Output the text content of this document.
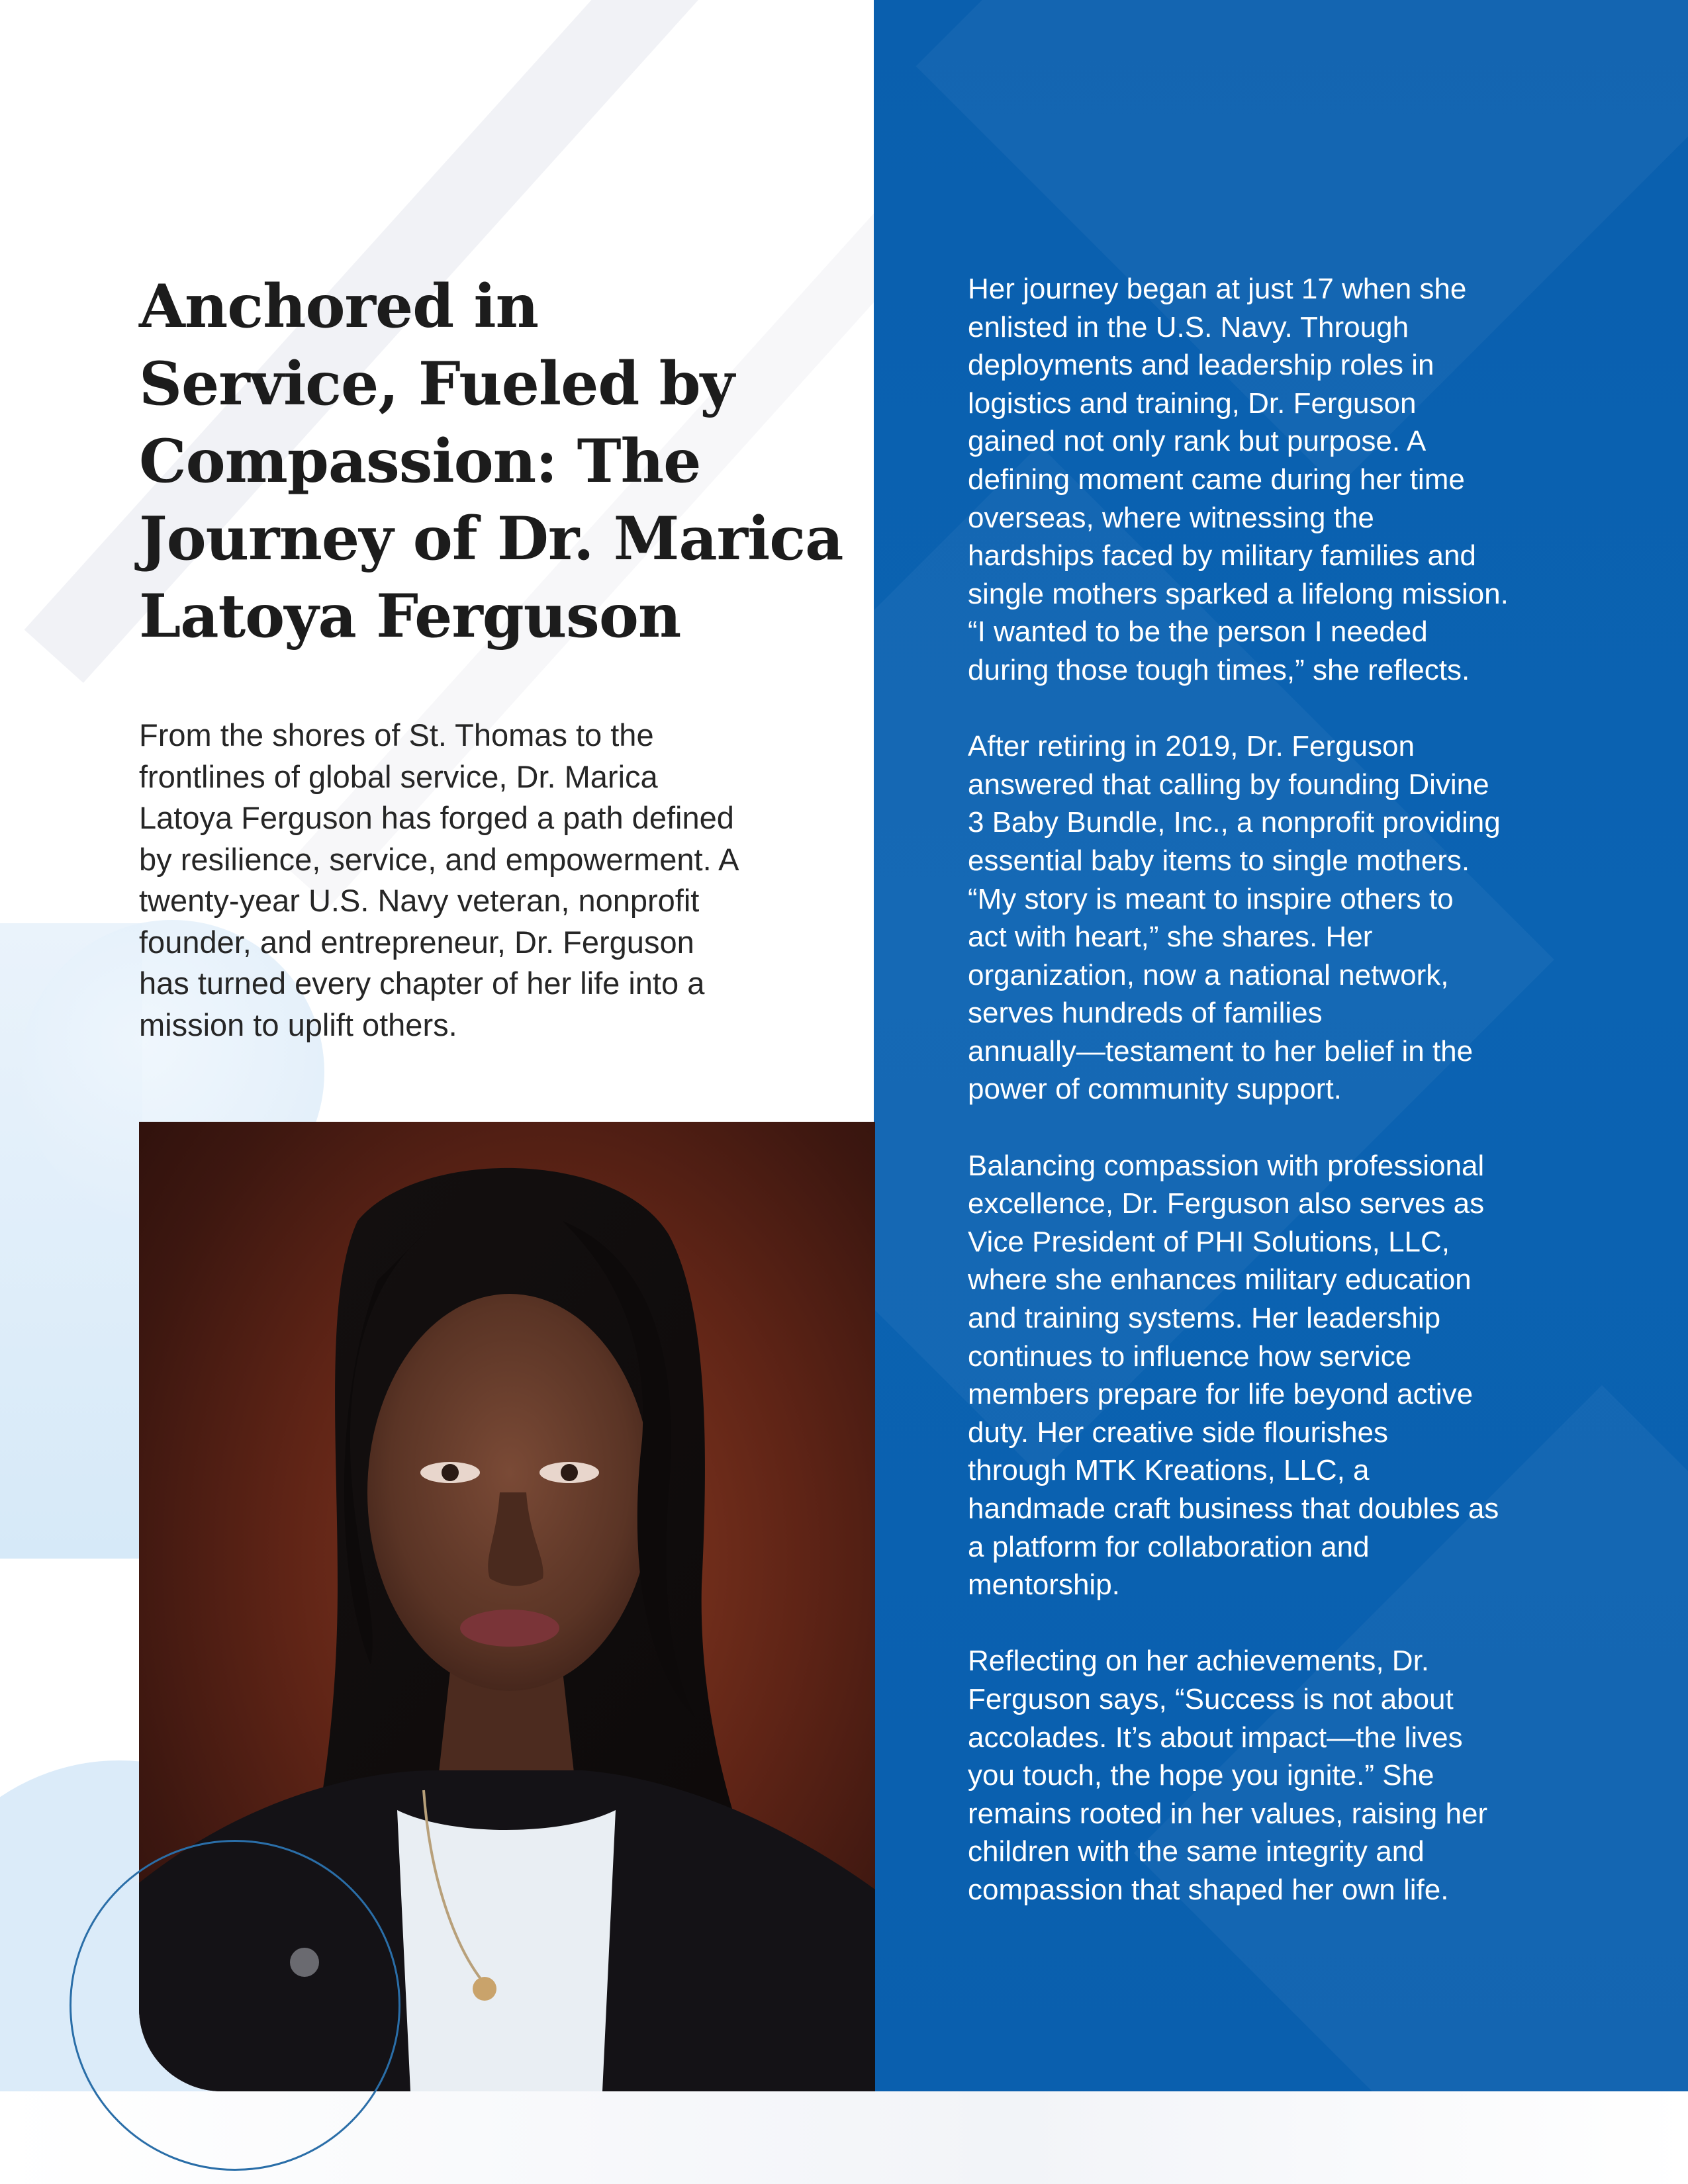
Anchored in
Service, Fueled by
Compassion: The
Journey of Dr. Marica
Latoya Ferguson

From the shores of St. Thomas to the
frontlines of global service, Dr. Marica
Latoya Ferguson has forged a path defined
by resilience, service, and empowerment. A
twenty-year U.S. Navy veteran, nonprofit
founder, and entrepreneur, Dr. Ferguson
has turned every chapter of her life into a
mission to uplift others.

Her journey began at just 17 when she
enlisted in the U.S. Navy. Through
deployments and leadership roles in
logistics and training, Dr. Ferguson
gained not only rank but purpose. A
defining moment came during her time
overseas, where witnessing the
hardships faced by military families and
single mothers sparked a lifelong mission.
“I wanted to be the person I needed
during those tough times,” she reflects.

After retiring in 2019, Dr. Ferguson
answered that calling by founding Divine
3 Baby Bundle, Inc., a nonprofit providing
essential baby items to single mothers.
“My story is meant to inspire others to
act with heart,” she shares. Her
organization, now a national network,
serves hundreds of families
annually—testament to her belief in the
power of community support.

Balancing compassion with professional
excellence, Dr. Ferguson also serves as
Vice President of PHI Solutions, LLC,
where she enhances military education
and training systems. Her leadership
continues to influence how service
members prepare for life beyond active
duty. Her creative side flourishes
through MTK Kreations, LLC, a
handmade craft business that doubles as
a platform for collaboration and
mentorship.

Reflecting on her achievements, Dr.
Ferguson says, “Success is not about
accolades. It’s about impact—the lives
you touch, the hope you ignite.” She
remains rooted in her values, raising her
children with the same integrity and
compassion that shaped her own life.
